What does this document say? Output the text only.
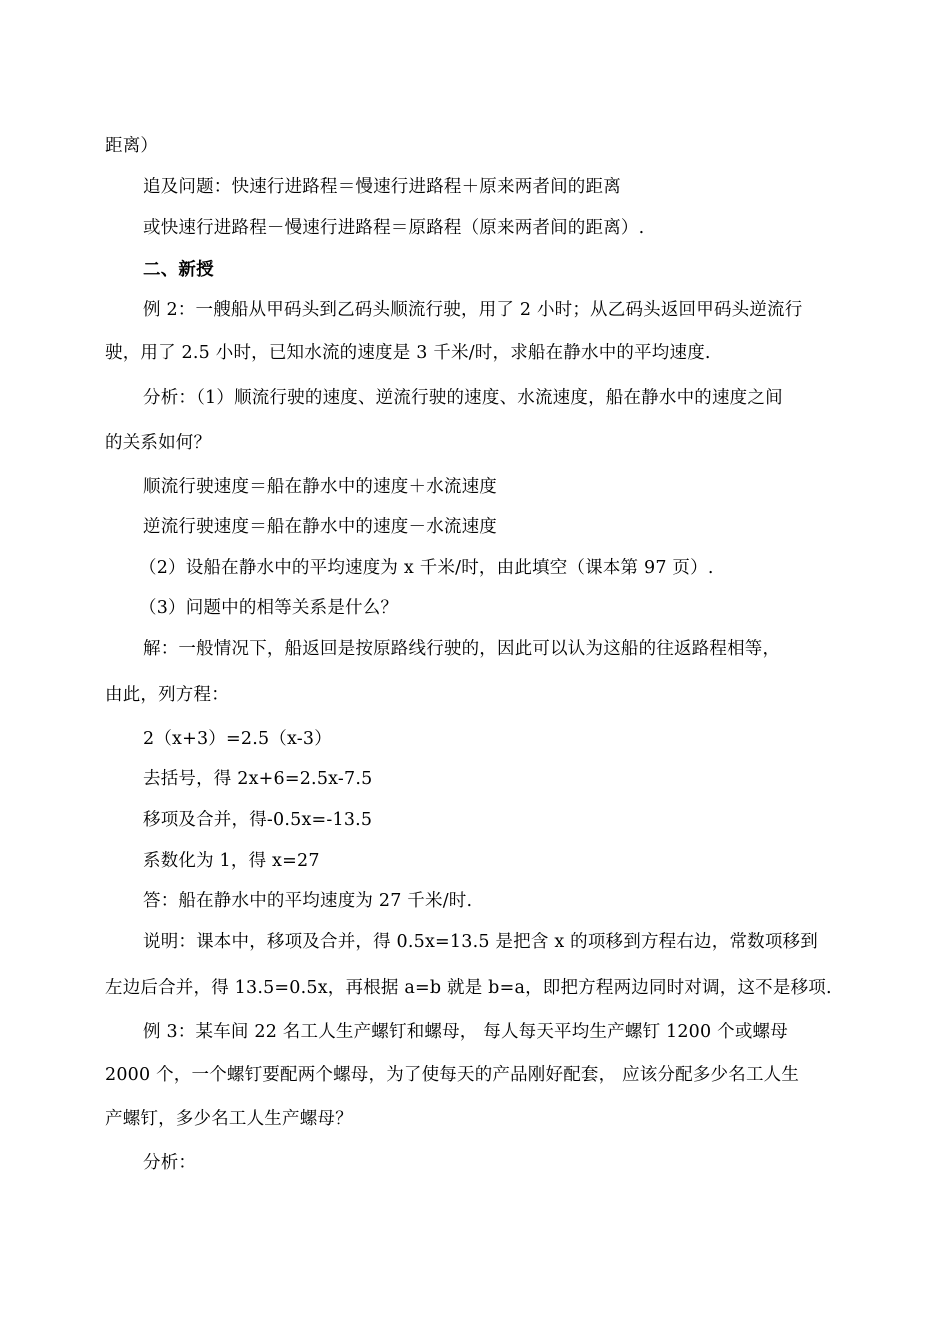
距离）
追及问题：快速行进路程＝慢速行进路程＋原来两者间的距离
或快速行进路程－慢速行进路程＝原路程（原来两者间的距离）.
二、新授
例 2：一艘船从甲码头到乙码头顺流行驶，用了 2 小时；从乙码头返回甲码头逆流行
驶，用了 2.5 小时，已知水流的速度是 3 千米/时，求船在静水中的平均速度.
分析：（1）顺流行驶的速度、逆流行驶的速度、水流速度，船在静水中的速度之间
的关系如何？
顺流行驶速度＝船在静水中的速度＋水流速度
逆流行驶速度＝船在静水中的速度－水流速度
（2）设船在静水中的平均速度为 x 千米/时，由此填空（课本第 97 页）.
（3）问题中的相等关系是什么？
解：一般情况下，船返回是按原路线行驶的，因此可以认为这船的往返路程相等，
由此，列方程：
2（x+3）=2.5（x-3）
去括号，得 2x+6=2.5x-7.5
移项及合并，得-0.5x=-13.5
系数化为 1，得 x=27
答：船在静水中的平均速度为 27 千米/时.
说明：课本中，移项及合并，得 0.5x=13.5 是把含 x 的项移到方程右边，常数项移到
左边后合并，得 13.5=0.5x，再根据 a=b 就是 b=a，即把方程两边同时对调，这不是移项.
例 3：某车间 22 名工人生产螺钉和螺母， 每人每天平均生产螺钉 1200 个或螺母
2000 个，一个螺钉要配两个螺母，为了使每天的产品刚好配套， 应该分配多少名工人生
产螺钉，多少名工人生产螺母？
分析：
